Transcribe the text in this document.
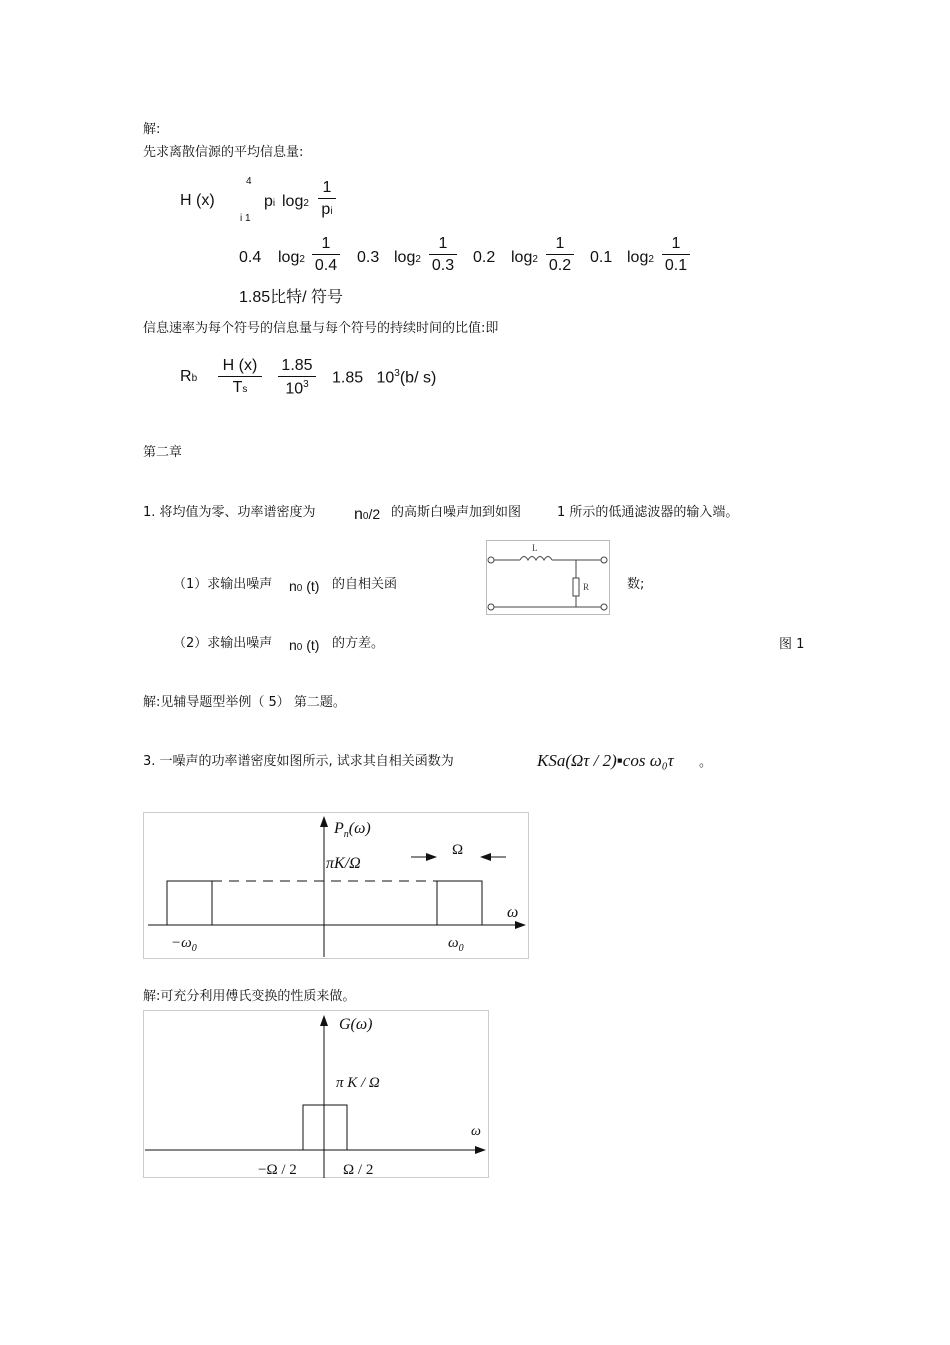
解:
先求离散信源的平均信息量:
H (x)
4
i 1
pi $\log 2 \frac{1}{pi}$
0.4 $\log 2 \frac{1}{0.4} 0.3$ $\log 2 \frac{1}{0.3} 0.2$ $\log 2 \frac{1}{0.2} 0.1$ $\log 2 \frac{1}{0.1}$
1.85比特/ 符号
信息速率为每个符号的信息量与每个符号的持续时间的比值:即
Rb $\frac{H (x)}{Ts} \frac{1.85}{10^3} 1.85$ $10^3(b/$ s)
第二章
1. 将均值为零、功率谱密度为 n0/2 的高斯白噪声加到如图	1 所示的低通滤波器的输入端。
（1）求输出噪声 n0 (t) 的自相关函	数;
L
R
（2）求输出噪声 n0 (t) 的方差。	图 1
解:见辅导题型举例（ 5） 第二题。
3. 一噪声的功率谱密度如图所示, 试求其自相关函数为	KSa(Ωτ / 2)▪cos ω₀τ 。
$P_n(\omega)$
πK/Ω
Ω
ω
$-\omega_0$	$\omega_0$
解:可充分利用傅氏变换的性质来做。
G(ω)
π K / Ω
ω
−Ω / 2	Ω / 2
